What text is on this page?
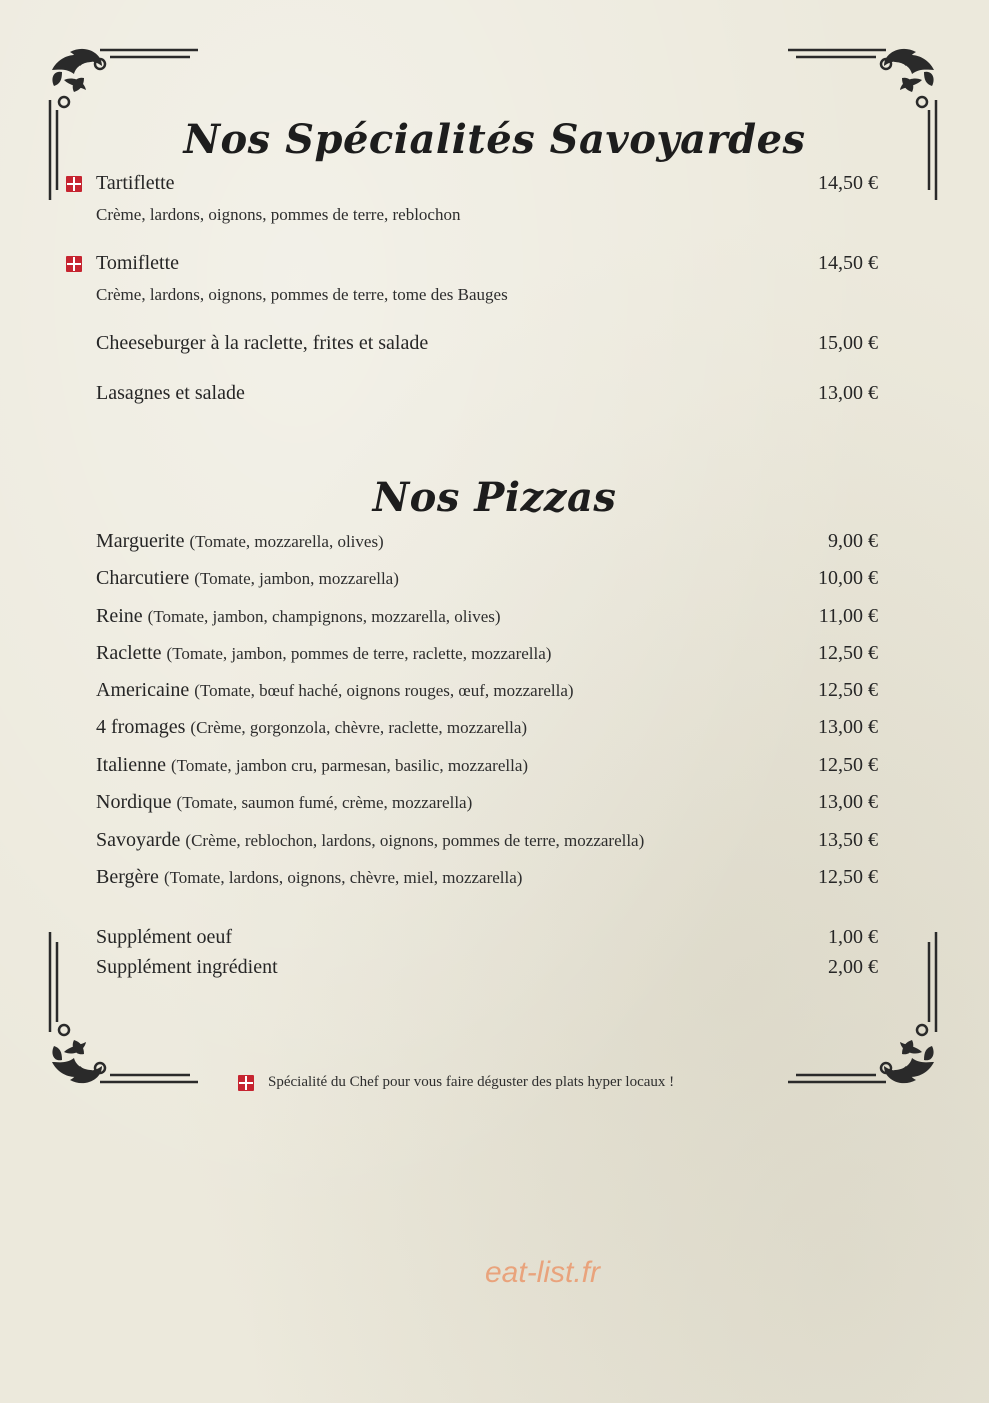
Nos Spécialités Savoyardes
Tartiflette	14,50 €
Crème, lardons, oignons, pommes de terre, reblochon
Tomiflette	14,50 €
Crème, lardons, oignons, pommes de terre, tome des Bauges
Cheeseburger à la raclette, frites et salade	15,00 €
Lasagnes et salade	13,00 €
Nos Pizzas
Marguerite (Tomate, mozzarella, olives)	9,00 €
Charcutiere (Tomate, jambon, mozzarella)	10,00 €
Reine (Tomate, jambon, champignons, mozzarella, olives)	11,00 €
Raclette (Tomate, jambon, pommes de terre, raclette, mozzarella)	12,50 €
Americaine (Tomate, bœuf haché, oignons rouges, œuf, mozzarella)	12,50 €
4 fromages (Crème, gorgonzola, chèvre, raclette, mozzarella)	13,00 €
Italienne (Tomate, jambon cru, parmesan, basilic, mozzarella)	12,50 €
Nordique (Tomate, saumon fumé, crème, mozzarella)	13,00 €
Savoyarde (Crème, reblochon, lardons, oignons, pommes de terre, mozzarella)	13,50 €
Bergère (Tomate, lardons, oignons, chèvre, miel, mozzarella)	12,50 €
Supplément oeuf	1,00 €
Supplément ingrédient	2,00 €
Spécialité du Chef pour vous faire déguster des plats hyper locaux !
eat-list.fr
